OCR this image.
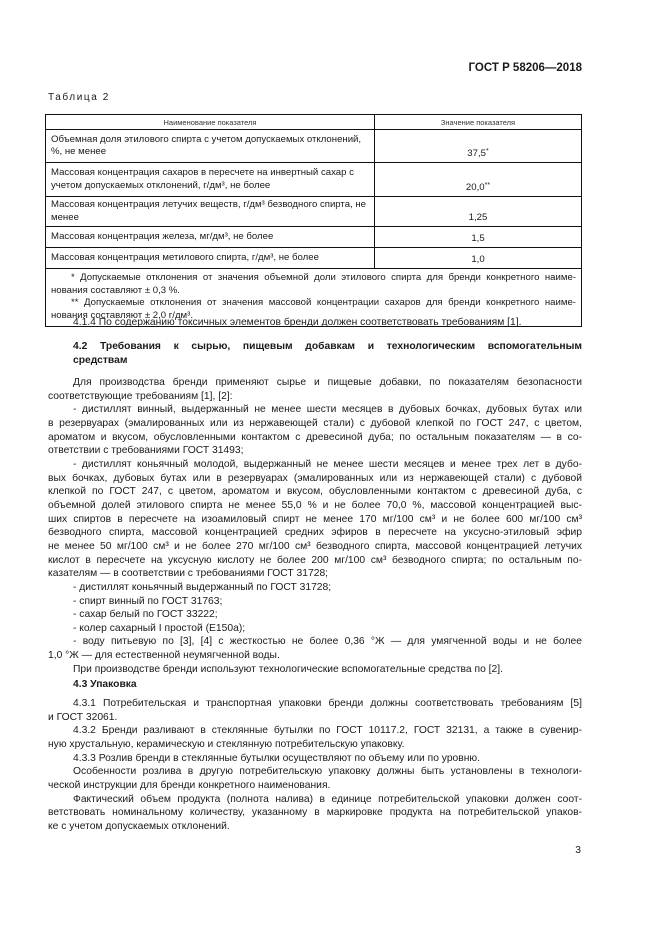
ГОСТ Р 58206—2018
Таблица 2
Наименование показателя	Значение показателя
Объемная доля этилового спирта с учетом допускаемых отклонений, %, не менее	37,5*
Массовая концентрация сахаров в пересчете на инвертный сахар с учетом допускаемых отклонений, г/дм³, не более	20,0**
Массовая концентрация летучих веществ, г/дм³ безводного спирта, не менее	1,25
Массовая концентрация железа, мг/дм³, не более	1,5
Массовая концентрация метилового спирта, г/дм³, не более	1,0

* Допускаемые отклонения от значения объемной доли этилового спирта для бренди конкретного наиме-
нования составляют ± 0,3 %.
** Допускаемые отклонения от значения массовой концентрации сахаров для бренди конкретного наиме-
нования составляют ± 2,0 г/дм³.	
4.1.4 По содержанию токсичных элементов бренди должен соответствовать требованиям [1].
4.2 Требования к сырью, пищевым добавкам и технологическим вспомогательным
средствам
Для производства бренди применяют сырье и пищевые добавки, по показателям безопасности
соответствующие требованиям [1], [2]:
- дистиллят винный, выдержанный не менее шести месяцев в дубовых бочках, дубовых бутах или
в резервуарах (эмалированных или из нержавеющей стали) с дубовой клепкой по ГОСТ 247, с цветом,
ароматом и вкусом, обусловленными контактом с древесиной дуба; по остальным показателям — в со-
ответствии с требованиями ГОСТ 31493;
- дистиллят коньячный молодой, выдержанный не менее шести месяцев и менее трех лет в дубо-
вых бочках, дубовых бутах или в резервуарах (эмалированных или из нержавеющей стали) с дубовой
клепкой по ГОСТ 247, с цветом, ароматом и вкусом, обусловленными контактом с древесиной дуба, с
объемной долей этилового спирта не менее 55,0 % и не более 70,0 %, массовой концентрацией выс-
ших спиртов в пересчете на изоамиловый спирт не менее 170 мг/100 см³ и не более 600 мг/100 см³
безводного спирта, массовой концентрацией средних эфиров в пересчете на уксусно-этиловый эфир
не менее 50 мг/100 см³ и не более 270 мг/100 см³ безводного спирта, массовой концентрацией летучих
кислот в пересчете на уксусную кислоту не более 200 мг/100 см³ безводного спирта; по остальным по-
казателям — в соответствии с требованиями ГОСТ 31728;
- дистиллят коньячный выдержанный по ГОСТ 31728;
- спирт винный по ГОСТ 31763;
- сахар белый по ГОСТ 33222;
- колер сахарный I простой (Е150а);
- воду питьевую по [3], [4] с жесткостью не более 0,36 °Ж — для умягченной воды и не более
1,0 °Ж — для естественной неумягченной воды.
При производстве бренди используют технологические вспомогательные средства по [2].
4.3 Упаковка
4.3.1 Потребительская и транспортная упаковки бренди должны соответствовать требованиям [5]
и ГОСТ 32061.
4.3.2 Бренди разливают в стеклянные бутылки по ГОСТ 10117.2, ГОСТ 32131, а также в сувенир-
ную хрустальную, керамическую и стеклянную потребительскую упаковку.
4.3.3 Розлив бренди в стеклянные бутылки осуществляют по объему или по уровню.
Особенности розлива в другую потребительскую упаковку должны быть установлены в технологи-
ческой инструкции для бренди конкретного наименования.
Фактический объем продукта (полнота налива) в единице потребительской упаковки должен соот-
ветствовать номинальному количеству, указанному в маркировке продукта на потребительской упаков-
ке с учетом допускаемых отклонений.
3
